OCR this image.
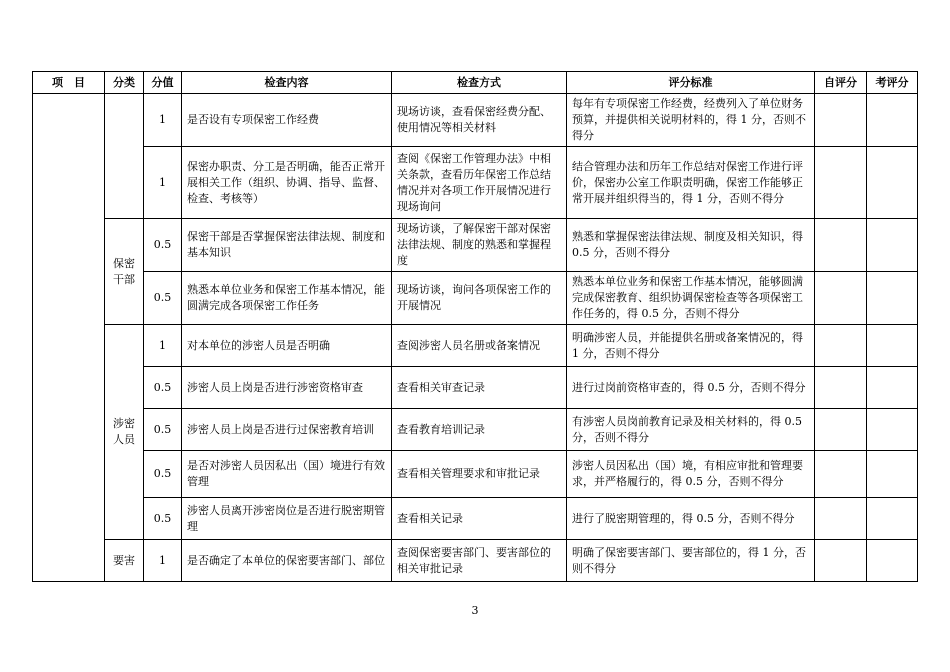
项　目	分类	分值	检查内容	检查方式	评分标准	自评分	考评分
		1	是否设有专项保密工作经费	现场访谈，查看保密经费分配、使用情况等相关材料	每年有专项保密工作经费，经费列入了单位财务预算，并提供相关说明材料的，得 1 分，否则不得分		
		1	保密办职责、分工是否明确，能否正常开展相关工作（组织、协调、指导、监督、检查、考核等）	查阅《保密工作管理办法》中相关条款，查看历年保密工作总结情况并对各项工作开展情况进行现场询问	结合管理办法和历年工作总结对保密工作进行评价，保密办公室工作职责明确，保密工作能够正常开展并组织得当的，得 1 分，否则不得分		
	保密干部	0.5	保密干部是否掌握保密法律法规、制度和基本知识	现场访谈，了解保密干部对保密法律法规、制度的熟悉和掌握程度	熟悉和掌握保密法律法规、制度及相关知识，得 0.5 分，否则不得分		
		0.5	熟悉本单位业务和保密工作基本情况，能圆满完成各项保密工作任务	现场访谈，询问各项保密工作的开展情况	熟悉本单位业务和保密工作基本情况，能够圆满完成保密教育、组织协调保密检查等各项保密工作任务的，得 0.5 分，否则不得分		
	涉密人员	1	对本单位的涉密人员是否明确	查阅涉密人员名册或备案情况	明确涉密人员，并能提供名册或备案情况的，得 1 分，否则不得分		
		0.5	涉密人员上岗是否进行涉密资格审查	查看相关审查记录	进行过岗前资格审查的，得 0.5 分，否则不得分		
		0.5	涉密人员上岗是否进行过保密教育培训	查看教育培训记录	有涉密人员岗前教育记录及相关材料的，得 0.5 分，否则不得分		
		0.5	是否对涉密人员因私出（国）境进行有效管理	查看相关管理要求和审批记录	涉密人员因私出（国）境，有相应审批和管理要求，并严格履行的，得 0.5 分，否则不得分		
		0.5	涉密人员离开涉密岗位是否进行脱密期管理	查看相关记录	进行了脱密期管理的，得 0.5 分，否则不得分		
	要害	1	是否确定了本单位的保密要害部门、部位	查阅保密要害部门、要害部位的相关审批记录	明确了保密要害部门、要害部位的，得 1 分，否则不得分		
3
